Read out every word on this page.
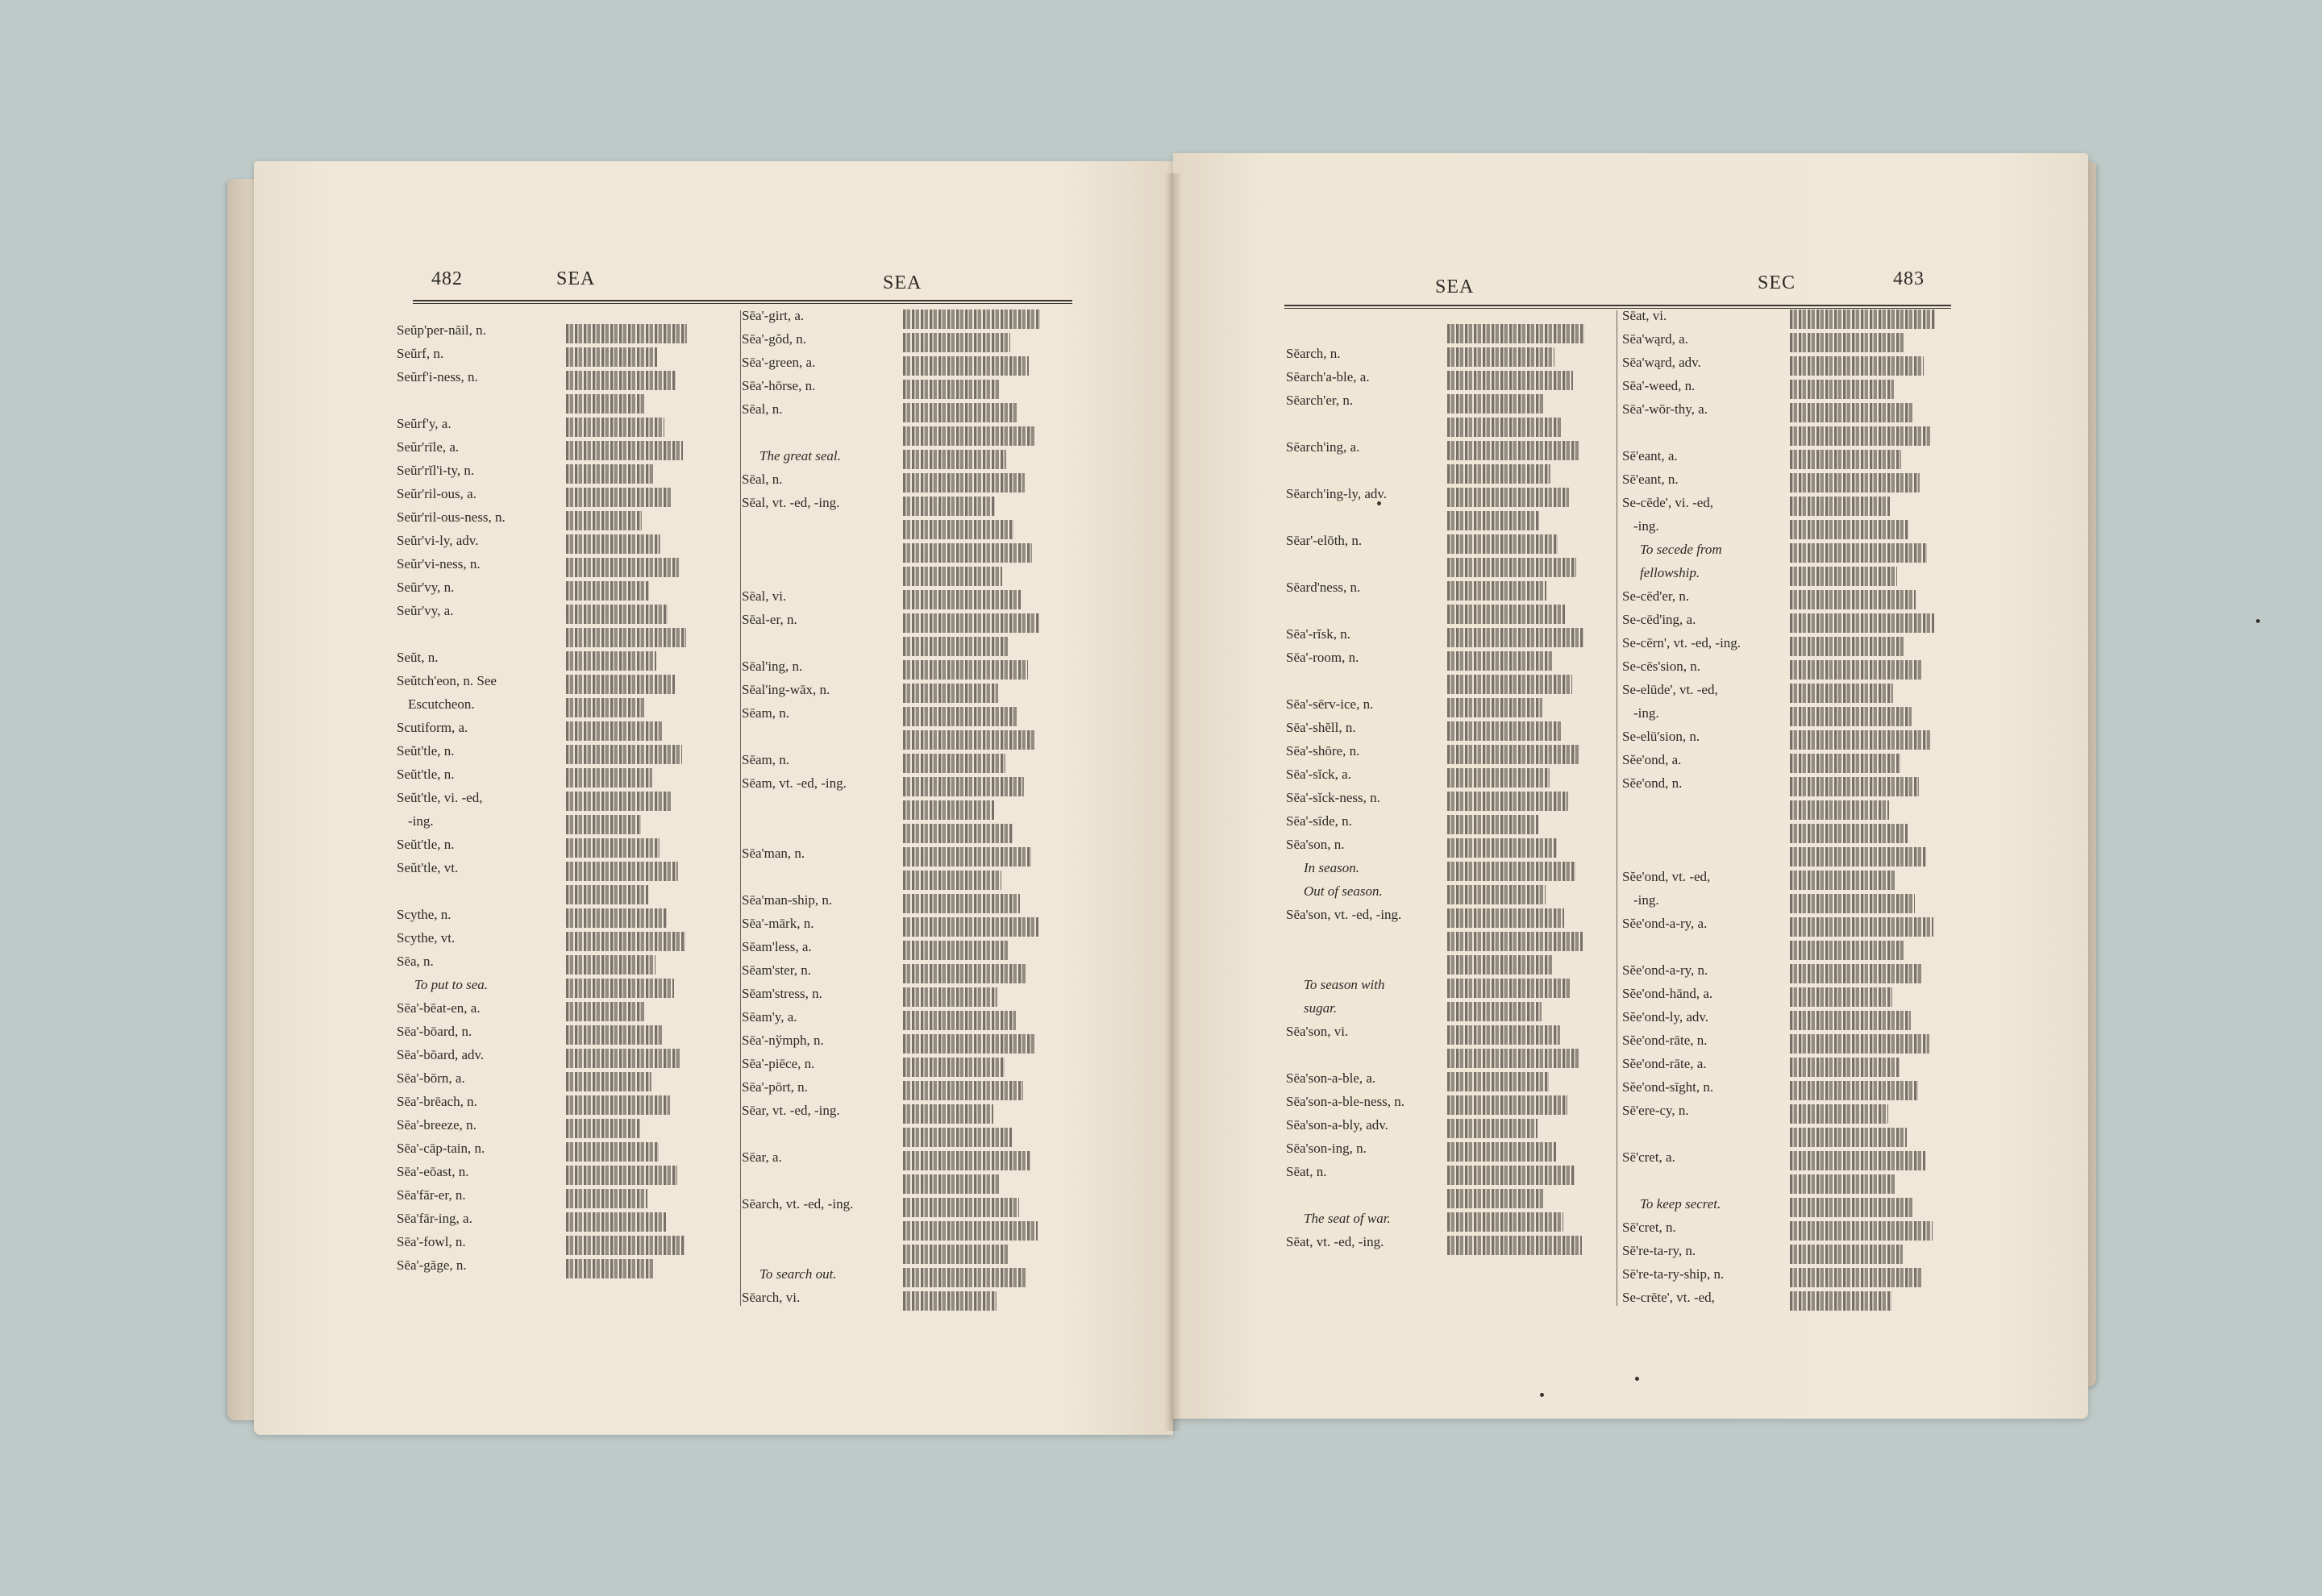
482	SEA	SEA	SEA	SEC	483
Seŭp'per-nāil, n.
Seŭrf, n.
Seŭrf'i-ness, n.
Seŭrf'y, a.
Seŭr'rīle, a.
Seŭr'rĭl'i-ty, n.
Seŭr'ril-ous, a.
Seŭr'ril-ous-ness, n.
Seŭr'vi-ly, adv.
Seŭr'vi-ness, n.
Seŭr'vy, n.
Seŭr'vy, a.
Seŭt, n.
Seŭtch'eon, n. See
Escutcheon.
Scutiform, a.
Seŭt'tle, n.
Seŭt'tle, n.
Seŭt'tle, vi. -ed,
-ing.
Seŭt'tle, n.
Seŭt'tle, vt.
Scythe, n.
Scythe, vt.
Sēa, n.
To put to sea.
Sēa'-bēat-en, a.
Sēa'-bōard, n.
Sēa'-bōard, adv.
Sēa'-bōrn, a.
Sēa'-brēach, n.
Sēa'-breeze, n.
Sēa'-cāp-tain, n.
Sēa'-eōast, n.
Sēa'fār-er, n.
Sēa'fār-ing, a.
Sēa'-fowl, n.
Sēa'-gāge, n.
Sēa'-girt, a.
Sēa'-gŏd, n.
Sēa'-green, a.
Sēa'-hōrse, n.
Sēal, n.
The great seal.
Sēal, n.
Sēal, vt. -ed, -ing.
Sēal, vi.
Sēal-er, n.
Sēal'ing, n.
Sēal'ing-wāx, n.
Sēam, n.
Sēam, n.
Sēam, vt. -ed, -ing.
Sēa'man, n.
Sēa'man-ship, n.
Sēa'-mārk, n.
Sēam'less, a.
Sēam'ster, n.
Sēam'stress, n.
Sēam'y, a.
Sēa'-nўmph, n.
Sēa'-piēce, n.
Sēa'-pōrt, n.
Sēar, vt. -ed, -ing.
Sēar, a.
Sēarch, vt. -ed, -ing.
To search out.
Sēarch, vi.
Sēarch, n.
Sēarch'a-ble, a.
Sēarch'er, n.
Sēarch'ing, a.
Sēarch'ing-ly, adv.
Sēar'-elōth, n.
Sēard'ness, n.
Sēa'-rĭsk, n.
Sēa'-room, n.
Sēa'-sērv-ice, n.
Sēa'-shĕll, n.
Sēa'-shōre, n.
Sēa'-sĭck, a.
Sēa'-sĭck-ness, n.
Sēa'-sīde, n.
Sēa'son, n.
In season.
Out of season.
Sēa'son, vt. -ed, -ing.
To season with
sugar.
Sēa'son, vi.
Sēa'son-a-ble, a.
Sēa'son-a-ble-ness, n.
Sēa'son-a-bly, adv.
Sēa'son-ing, n.
Sēat, n.
The seat of war.
Sēat, vt. -ed, -ing.
Sēat, vi.
Sēa'wąrd, a.
Sēa'wąrd, adv.
Sēa'-weed, n.
Sēa'-wōr-thy, a.
Sē'eant, a.
Sē'eant, n.
Se-cēde', vi. -ed,
-ing.
To secede from
fellowship.
Se-cēd'er, n.
Se-cēd'ing, a.
Se-cērn', vt. -ed, -ing.
Se-cēs'sion, n.
Se-elūde', vt. -ed,
-ing.
Se-elū'sion, n.
Sĕe'ond, a.
Sĕe'ond, n.
Sĕe'ond, vt. -ed,
-ing.
Sĕe'ond-a-ry, a.
Sĕe'ond-a-ry, n.
Sĕe'ond-hānd, a.
Sĕe'ond-ly, adv.
Sĕe'ond-rāte, n.
Sĕe'ond-rāte, a.
Sĕe'ond-sīght, n.
Sē'ere-cy, n.
Sē'cret, a.
To keep secret.
Sē'cret, n.
Sē're-ta-ry, n.
Sē're-ta-ry-ship, n.
Se-crēte', vt. -ed,
